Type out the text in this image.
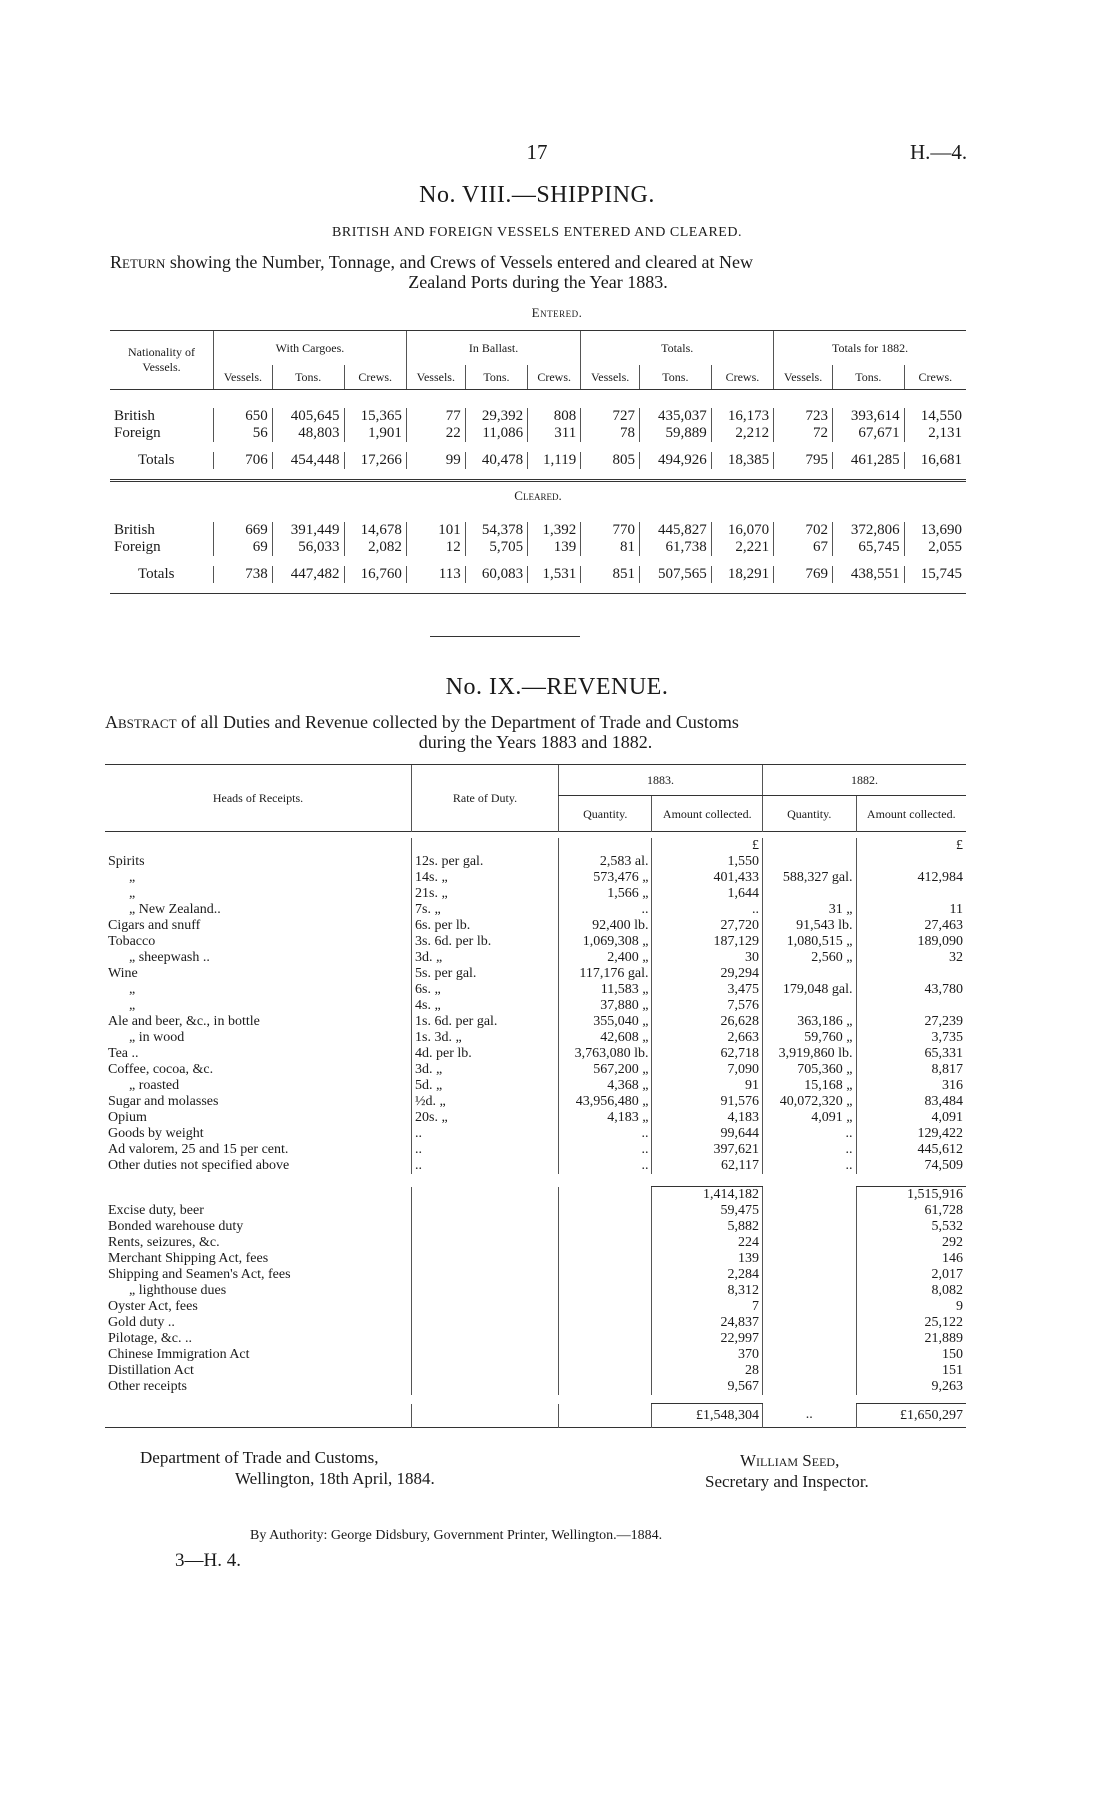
17	H.—4.
No. VIII.—SHIPPING.
BRITISH AND FOREIGN VESSELS ENTERED AND CLEARED.
Return showing the Number, Tonnage, and Crews of Vessels entered and cleared at New
Zealand Ports during the Year 1883.
Entered.
Nationality of Vessels.	With Cargoes.			In Ballast.			Totals.			Totals for 1882.		
	Vessels.	Tons.	Crews.	Vessels.	Tons.	Crews.	Vessels.	Tons.	Crews.	Vessels.	Tons.	Crews.

British	650	405,645	15,365	77	29,392	808	727	435,037	16,173	723	393,614	14,550
Foreign	56	48,803	1,901	22	11,086	311	78	59,889	2,212	72	67,671	2,131

Totals	706	454,448	17,266	99	40,478	1,119	805	494,926	18,385	795	461,285	16,681

Cleared.												

British	669	391,449	14,678	101	54,378	1,392	770	445,827	16,070	702	372,806	13,690
Foreign	69	56,033	2,082	12	5,705	139	81	61,738	2,221	67	65,745	2,055

Totals	738	447,482	16,760	113	60,083	1,531	851	507,565	18,291	769	438,551	15,745

No. IX.—REVENUE.
Abstract of all Duties and Revenue collected by the Department of Trade and Customs
during the Years 1883 and 1882.
Heads of Receipts.	Rate of Duty.	1883.		1882.	
		Quantity.	Amount collected.	Quantity.	Amount collected.

			£		£
Spirits	12s. per gal.	2,583 al.	1,550		
„	14s. „	573,476 „	401,433	588,327 gal.	412,984
„	21s. „	1,566 „	1,644		
„ New Zealand..	7s. „	..	..	31 „	11
Cigars and snuff	6s. per lb.	92,400 lb.	27,720	91,543 lb.	27,463
Tobacco	3s. 6d. per lb.	1,069,308 „	187,129	1,080,515 „	189,090
„ sheepwash ..	3d. „	2,400 „	30	2,560 „	32
Wine	5s. per gal.	117,176 gal.	29,294		
„	6s. „	11,583 „	3,475	179,048 gal.	43,780
„	4s. „	37,880 „	7,576		
Ale and beer, &c., in bottle	1s. 6d. per gal.	355,040 „	26,628	363,186 „	27,239
„ in wood	1s. 3d. „	42,608 „	2,663	59,760 „	3,735
Tea ..	4d. per lb.	3,763,080 lb.	62,718	3,919,860 lb.	65,331
Coffee, cocoa, &c.	3d. „	567,200 „	7,090	705,360 „	8,817
„ roasted	5d. „	4,368 „	91	15,168 „	316
Sugar and molasses	½d. „	43,956,480 „	91,576	40,072,320 „	83,484
Opium	20s. „	4,183 „	4,183	4,091 „	4,091
Goods by weight	..	..	99,644	..	129,422
Ad valorem, 25 and 15 per cent.	..	..	397,621	..	445,612
Other duties not specified above	..	..	62,117	..	74,509

			1,414,182		1,515,916
Excise duty, beer			59,475		61,728
Bonded warehouse duty			5,882		5,532
Rents, seizures, &c.			224		292
Merchant Shipping Act, fees			139		146
Shipping and Seamen's Act, fees			2,284		2,017
„ lighthouse dues			8,312		8,082
Oyster Act, fees			7		9
Gold duty ..			24,837		25,122
Pilotage, &c. ..			22,997		21,889
Chinese Immigration Act			370		150
Distillation Act			28		151
Other receipts			9,567		9,263

			£1,548,304	..	£1,650,297
Department of Trade and Customs,
Wellington, 18th April, 1884.
William Seed,
Secretary and Inspector.
By Authority: George Didsbury, Government Printer, Wellington.—1884.
3—H. 4.
